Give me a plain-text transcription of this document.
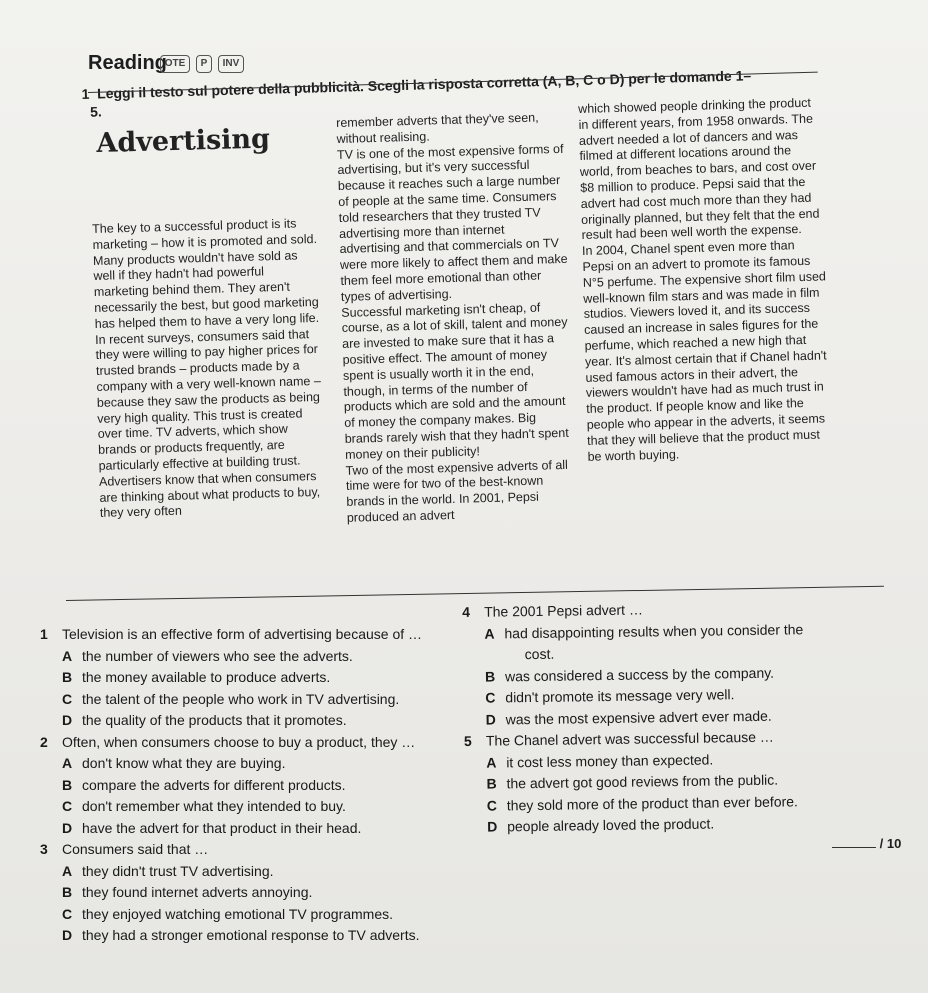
Reading
OTE	P	INV
1 Leggi il testo sul potere della pubblicità. Scegli la risposta corretta (A, B, C o D) per le domande 1–
5.
Advertising

The key to a successful product is its marketing – how it is promoted and sold. Many products wouldn't have sold as well if they hadn't had powerful marketing behind them. They aren't necessarily the best, but good marketing has helped them to have a very long life.

In recent surveys, consumers said that they were willing to pay higher prices for trusted brands – products made by a company with a very well-known name – because they saw the products as being very high quality. This trust is created over time. TV adverts, which show brands or products frequently, are particularly effective at building trust. Advertisers know that when consumers are thinking about what products to buy, they very often

remember adverts that they've seen, without realising.

TV is one of the most expensive forms of advertising, but it's very successful because it reaches such a large number of people at the same time. Consumers told researchers that they trusted TV advertising more than internet advertising and that commercials on TV were more likely to affect them and make them feel more emotional than other types of advertising.

Successful marketing isn't cheap, of course, as a lot of skill, talent and money are invested to make sure that it has a positive effect. The amount of money spent is usually worth it in the end, though, in terms of the number of products which are sold and the amount of money the company makes. Big brands rarely wish that they hadn't spent money on their publicity!

Two of the most expensive adverts of all time were for two of the best-known brands in the world. In 2001, Pepsi produced an advert

which showed people drinking the product in different years, from 1958 onwards. The advert needed a lot of dancers and was filmed at different locations around the world, from beaches to bars, and cost over $8 million to produce. Pepsi said that the advert had cost much more than they had originally planned, but they felt that the end result had been well worth the expense.

In 2004, Chanel spent even more than Pepsi on an advert to promote its famous N°5 perfume. The expensive short film used well-known film stars and was made in film studios. Viewers loved it, and its success caused an increase in sales figures for the perfume, which reached a new high that year. It's almost certain that if Chanel hadn't used famous actors in their advert, the viewers wouldn't have had as much trust in the product. If people know and like the people who appear in the adverts, it seems that they will believe that the product must be worth buying.

1 Television is an effective form of advertising because of …
A the number of viewers who see the adverts.
B the money available to produce adverts.
C the talent of the people who work in TV advertising.
D the quality of the products that it promotes.
2 Often, when consumers choose to buy a product, they …
A don't know what they are buying.
B compare the adverts for different products.
C don't remember what they intended to buy.
D have the advert for that product in their head.
3 Consumers said that …
A they didn't trust TV advertising.
B they found internet adverts annoying.
C they enjoyed watching emotional TV programmes.
D they had a stronger emotional response to TV adverts.
4 The 2001 Pepsi advert …
A had disappointing results when you consider the
cost.
B was considered a success by the company.
C didn't promote its message very well.
D was the most expensive advert ever made.
5 The Chanel advert was successful because …
A it cost less money than expected.
B the advert got good reviews from the public.
C they sold more of the product than ever before.
D people already loved the product.
/ 10
